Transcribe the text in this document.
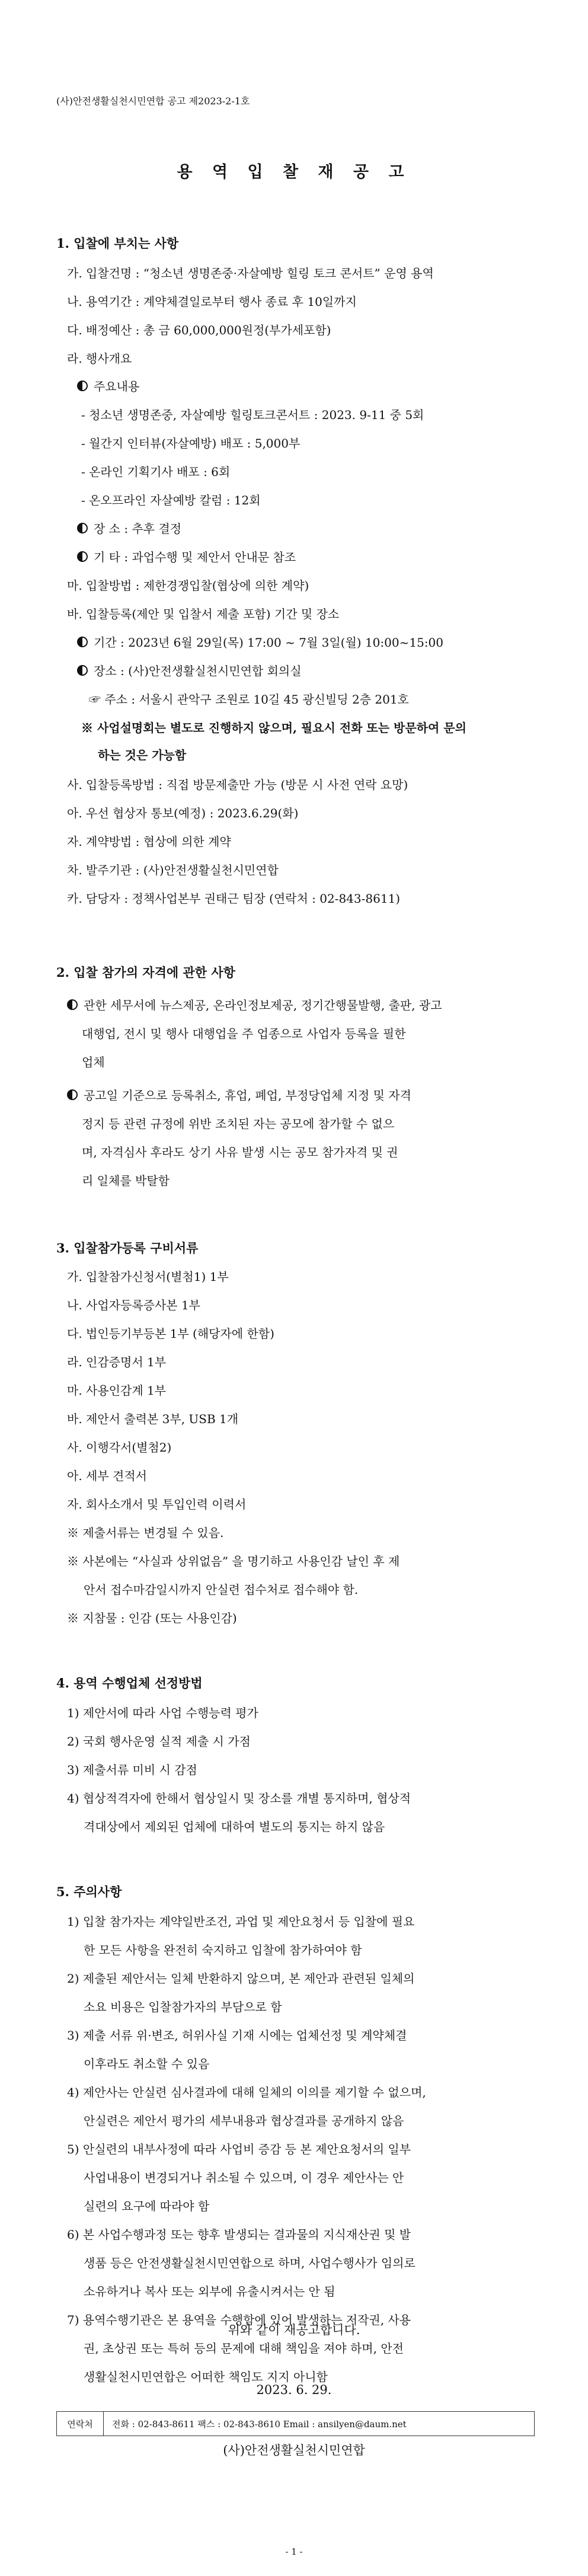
(사)안전생활실천시민연합 공고 제2023-2-1호
용 역 입 찰 재 공 고
1. 입찰에 부치는 사항
가. 입찰건명 : “청소년 생명존중·자살예방 힐링 토크 콘서트” 운영 용역
나. 용역기간 : 계약체결일로부터 행사 종료 후 10일까지
다. 배정예산 : 총 금 60,000,000원정(부가세포함)
라. 행사개요
주요내용
- 청소년 생명존중, 자살예방 힐링토크콘서트 : 2023. 9-11 중 5회
- 월간지 인터뷰(자살예방) 배포 : 5,000부
- 온라인 기획기사 배포 : 6회
- 온오프라인 자살예방 칼럼 : 12회
장 소 : 추후 결정
기 타 : 과업수행 및 제안서 안내문 참조
마. 입찰방법 : 제한경쟁입찰(협상에 의한 계약)
바. 입찰등록(제안 및 입찰서 제출 포함) 기간 및 장소
기간 : 2023년 6월 29일(목) 17:00 ~ 7월 3일(월) 10:00~15:00
장소 : (사)안전생활실천시민연합 회의실
☞ 주소 : 서울시 관악구 조원로 10길 45 광신빌딩 2층 201호
※ 사업설명회는 별도로 진행하지 않으며, 필요시 전화 또는 방문하여 문의
하는 것은 가능함
사. 입찰등록방법 : 직접 방문제출만 가능 (방문 시 사전 연락 요망)
아. 우선 협상자 통보(예정) : 2023.6.29(화)
자. 계약방법 : 협상에 의한 계약
차. 발주기관 : (사)안전생활실천시민연합
카. 담당자 : 정책사업본부 권태근 팀장 (연락처 : 02-843-8611)
2. 입찰 참가의 자격에 관한 사항
관한 세무서에 뉴스제공, 온라인정보제공, 정기간행물발행, 출판, 광고
대행업, 전시 및 행사 대행업을 주 업종으로 사업자 등록을 필한
업체
공고일 기준으로 등록취소, 휴업, 폐업, 부정당업체 지정 및 자격
정지 등 관련 규정에 위반 조치된 자는 공모에 참가할 수 없으
며, 자격심사 후라도 상기 사유 발생 시는 공모 참가자격 및 권
리 일체를 박탈함
3. 입찰참가등록 구비서류
가. 입찰참가신청서(별첨1) 1부
나. 사업자등록증사본 1부
다. 법인등기부등본 1부 (해당자에 한함)
라. 인감증명서 1부
마. 사용인감계 1부
바. 제안서 출력본 3부, USB 1개
사. 이행각서(별첨2)
아. 세부 견적서
자. 회사소개서 및 투입인력 이력서
※ 제출서류는 변경될 수 있음.
※ 사본에는 “사실과 상위없음” 을 명기하고 사용인감 날인 후 제
안서 접수마감일시까지 안실련 접수처로 접수해야 함.
※ 지참물 : 인감 (또는 사용인감)
4. 용역 수행업체 선정방법
1) 제안서에 따라 사업 수행능력 평가
2) 국회 행사운영 실적 제출 시 가점
3) 제출서류 미비 시 감점
4) 협상적격자에 한해서 협상일시 및 장소를 개별 통지하며, 협상적
격대상에서 제외된 업체에 대하여 별도의 통지는 하지 않음
5. 주의사항
1) 입찰 참가자는 계약일반조건, 과업 및 제안요청서 등 입찰에 필요
한 모든 사항을 완전히 숙지하고 입찰에 참가하여야 함
2) 제출된 제안서는 일체 반환하지 않으며, 본 제안과 관련된 일체의
소요 비용은 입찰참가자의 부담으로 함
3) 제출 서류 위·변조, 허위사실 기재 시에는 업체선정 및 계약체결
이후라도 취소할 수 있음
연락처	전화 : 02-843-8611 팩스 : 02-843-8610 Email : ansilyen@daum.net
위와 같이 재공고합니다.
2023. 6. 29.
(사)안전생활실천시민연합
- 1 -
4) 제안사는 안실련 심사결과에 대해 일체의 이의를 제기할 수 없으며,
안실련은 제안서 평가의 세부내용과 협상결과를 공개하지 않음
5) 안실련의 내부사정에 따라 사업비 증감 등 본 제안요청서의 일부
사업내용이 변경되거나 취소될 수 있으며, 이 경우 제안사는 안
실련의 요구에 따라야 함
6) 본 사업수행과정 또는 향후 발생되는 결과물의 지식재산권 및 발
생품 등은 안전생활실천시민연합으로 하며, 사업수행사가 임의로
소유하거나 복사 또는 외부에 유출시켜서는 안 됨
7) 용역수행기관은 본 용역을 수행함에 있어 발생하는 저작권, 사용
권, 초상권 또는 특허 등의 문제에 대해 책임을 져야 하며, 안전
생활실천시민연합은 어떠한 책임도 지지 아니함
